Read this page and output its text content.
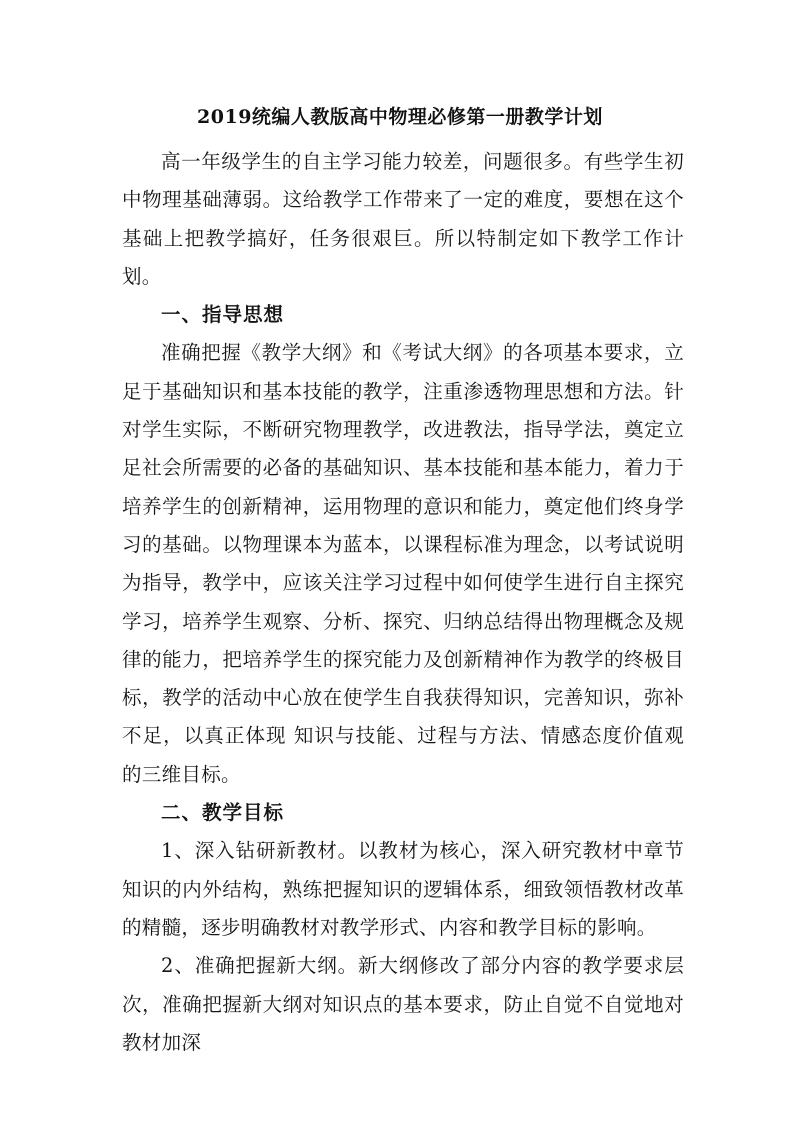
2019统编人教版高中物理必修第一册教学计划

高一年级学生的自主学习能力较差，问题很多。有些学生初中物理基础薄弱。这给教学工作带来了一定的难度，要想在这个基础上把教学搞好，任务很艰巨。所以特制定如下教学工作计划。

一、指导思想

准确把握《教学大纲》和《考试大纲》的各项基本要求，立足于基础知识和基本技能的教学，注重渗透物理思想和方法。针对学生实际，不断研究物理教学，改进教法，指导学法，奠定立足社会所需要的必备的基础知识、基本技能和基本能力，着力于培养学生的创新精神，运用物理的意识和能力，奠定他们终身学习的基础。以物理课本为蓝本，以课程标准为理念，以考试说明为指导，教学中，应该关注学习过程中如何使学生进行自主探究学习，培养学生观察、分析、探究、归纳总结得出物理概念及规律的能力，把培养学生的探究能力及创新精神作为教学的终极目标，教学的活动中心放在使学生自我获得知识，完善知识，弥补不足，以真正体现 知识与技能、过程与方法、情感态度价值观 的三维目标。

二、教学目标

1、深入钻研新教材。以教材为核心，深入研究教材中章节知识的内外结构，熟练把握知识的逻辑体系，细致领悟教材改革的精髓，逐步明确教材对教学形式、内容和教学目标的影响。

2、准确把握新大纲。新大纲修改了部分内容的教学要求层次，准确把握新大纲对知识点的基本要求，防止自觉不自觉地对教材加深
